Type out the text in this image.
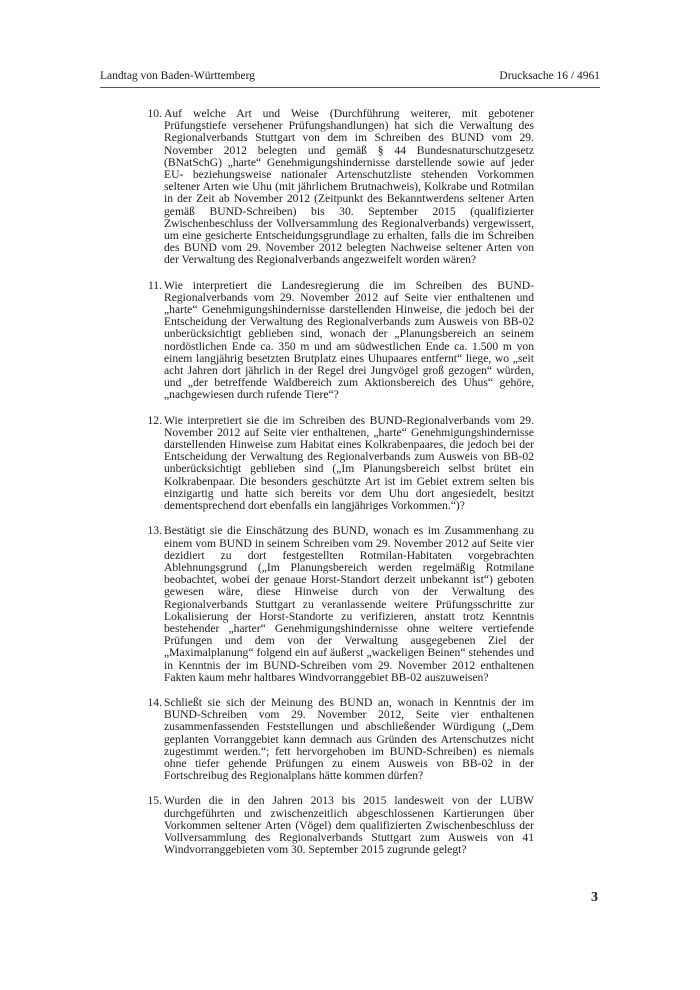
Landtag von Baden-Württemberg	Drucksache 16 / 4961
10. Auf welche Art und Weise (Durchführung weiterer, mit gebotener Prüfungstiefe versehener Prüfungshandlungen) hat sich die Verwaltung des Regionalverbands Stuttgart von dem im Schreiben des BUND vom 29. November 2012 belegten und gemäß § 44 Bundesnaturschutzgesetz (BNatSchG) „harte“ Genehmigungshindernisse darstellende sowie auf jeder EU- beziehungsweise nationaler Artenschutzliste stehenden Vorkommen seltener Arten wie Uhu (mit jährlichem Brutnachweis), Kolkrabe und Rotmilan in der Zeit ab November 2012 (Zeitpunkt des Bekanntwerdens seltener Arten gemäß BUND-Schreiben) bis 30. September 2015 (qualifizierter Zwischenbeschluss der Vollversammlung des Regionalverbands) vergewissert, um eine gesicherte Entscheidungsgrundlage zu erhalten, falls die im Schreiben des BUND vom 29. November 2012 belegten Nachweise seltener Arten von der Verwaltung des Regionalverbands angezweifelt worden wären?
11. Wie interpretiert die Landesregierung die im Schreiben des BUND-Regionalverbands vom 29. November 2012 auf Seite vier enthaltenen und „harte“ Genehmigungshindernisse darstellenden Hinweise, die jedoch bei der Entscheidung der Verwaltung des Regionalverbands zum Ausweis von BB-02 unberücksichtigt geblieben sind, wonach der „Planungsbereich an seinem nordöstlichen Ende ca. 350 m und am südwestlichen Ende ca. 1.500 m von einem langjährig besetzten Brutplatz eines Uhupaares entfernt“ liege, wo „seit acht Jahren dort jährlich in der Regel drei Jungvögel groß gezogen“ würden, und „der betreffende Waldbereich zum Aktionsbereich des Uhus“ gehöre, „nachgewiesen durch rufende Tiere“?
12. Wie interpretiert sie die im Schreiben des BUND-Regionalverbands vom 29. November 2012 auf Seite vier enthaltenen, „harte“ Genehmigungshindernisse darstellenden Hinweise zum Habitat eines Kolkrabenpaares, die jedoch bei der Entscheidung der Verwaltung des Regionalverbands zum Ausweis von BB-02 unberücksichtigt geblieben sind („Im Planungsbereich selbst brütet ein Kolkrabenpaar. Die besonders geschützte Art ist im Gebiet extrem selten bis einzigartig und hatte sich bereits vor dem Uhu dort angesiedelt, besitzt dementsprechend dort ebenfalls ein langjähriges Vorkommen.“)?
13. Bestätigt sie die Einschätzung des BUND, wonach es im Zusammenhang zu einem vom BUND in seinem Schreiben vom 29. November 2012 auf Seite vier dezidiert zu dort festgestellten Rotmilan-Habitaten vorgebrachten Ablehnungsgrund („Im Planungsbereich werden regelmäßig Rotmilane beobachtet, wobei der genaue Horst-Standort derzeit unbekannt ist“) geboten gewesen wäre, diese Hinweise durch von der Verwaltung des Regionalverbands Stuttgart zu veranlassende weitere Prüfungsschritte zur Lokalisierung der Horst-Standorte zu verifizieren, anstatt trotz Kenntnis bestehender „harter“ Genehmigungshindernisse ohne weitere vertiefende Prüfungen und dem von der Verwaltung ausgegebenen Ziel der „Maximalplanung“ folgend ein auf äußerst „wackeligen Beinen“ stehendes und in Kenntnis der im BUND-Schreiben vom 29. November 2012 enthaltenen Fakten kaum mehr haltbares Windvorranggebiet BB-02 auszuweisen?
14. Schließt sie sich der Meinung des BUND an, wonach in Kenntnis der im BUND-Schreiben vom 29. November 2012, Seite vier enthaltenen zusammenfassenden Feststellungen und abschließender Würdigung („Dem geplanten Vorranggebiet kann demnach aus Gründen des Artenschutzes nicht zugestimmt werden.“; fett hervorgehoben im BUND-Schreiben) es niemals ohne tiefer gehende Prüfungen zu einem Ausweis von BB-02 in der Fortschreibug des Regionalplans hätte kommen dürfen?
15. Wurden die in den Jahren 2013 bis 2015 landesweit von der LUBW durchgeführten und zwischenzeitlich abgeschlossenen Kartierungen über Vorkommen seltener Arten (Vögel) dem qualifizierten Zwischenbeschluss der Vollversammlung des Regionalverbands Stuttgart zum Ausweis von 41 Windvorranggebieten vom 30. September 2015 zugrunde gelegt?
3
